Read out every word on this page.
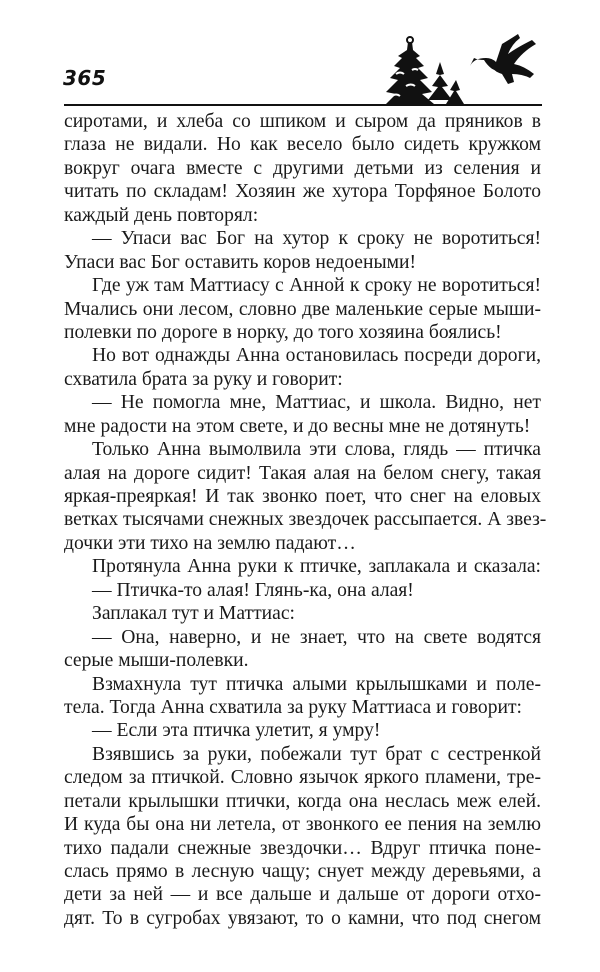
365
сиротами, и хлеба со шпиком и сыром да пряников в
глаза не видали. Но как весело было сидеть кружком
вокруг очага вместе с другими детьми из селения и
читать по складам! Хозяин же хутора Торфяное Болото
каждый день повторял:
— Упаси вас Бог на хутор к сроку не воротиться!
Упаси вас Бог оставить коров недоеными!
Где уж там Маттиасу с Анной к сроку не воротиться!
Мчались они лесом, словно две маленькие серые мыши-
полевки по дороге в норку, до того хозяина боялись!
Но вот однажды Анна остановилась посреди дороги,
схватила брата за руку и говорит:
— Не помогла мне, Маттиас, и школа. Видно, нет
мне радости на этом свете, и до весны мне не дотянуть!
Только Анна вымолвила эти слова, глядь — птичка
алая на дороге сидит! Такая алая на белом снегу, такая
яркая-преяркая! И так звонко поет, что снег на еловых
ветках тысячами снежных звездочек рассыпается. А звез-
дочки эти тихо на землю падают…
Протянула Анна руки к птичке, заплакала и сказала:
— Птичка-то алая! Глянь-ка, она алая!
Заплакал тут и Маттиас:
— Она, наверно, и не знает, что на свете водятся
серые мыши-полевки.
Взмахнула тут птичка алыми крылышками и поле-
тела. Тогда Анна схватила за руку Маттиаса и говорит:
— Если эта птичка улетит, я умру!
Взявшись за руки, побежали тут брат с сестренкой
следом за птичкой. Словно язычок яркого пламени, тре-
петали крылышки птички, когда она неслась меж елей.
И куда бы она ни летела, от звонкого ее пения на землю
тихо падали снежные звездочки… Вдруг птичка поне-
слась прямо в лесную чащу; снует между деревьями, а
дети за ней — и все дальше и дальше от дороги отхо-
дят. То в сугробах увязают, то о камни, что под снегом
